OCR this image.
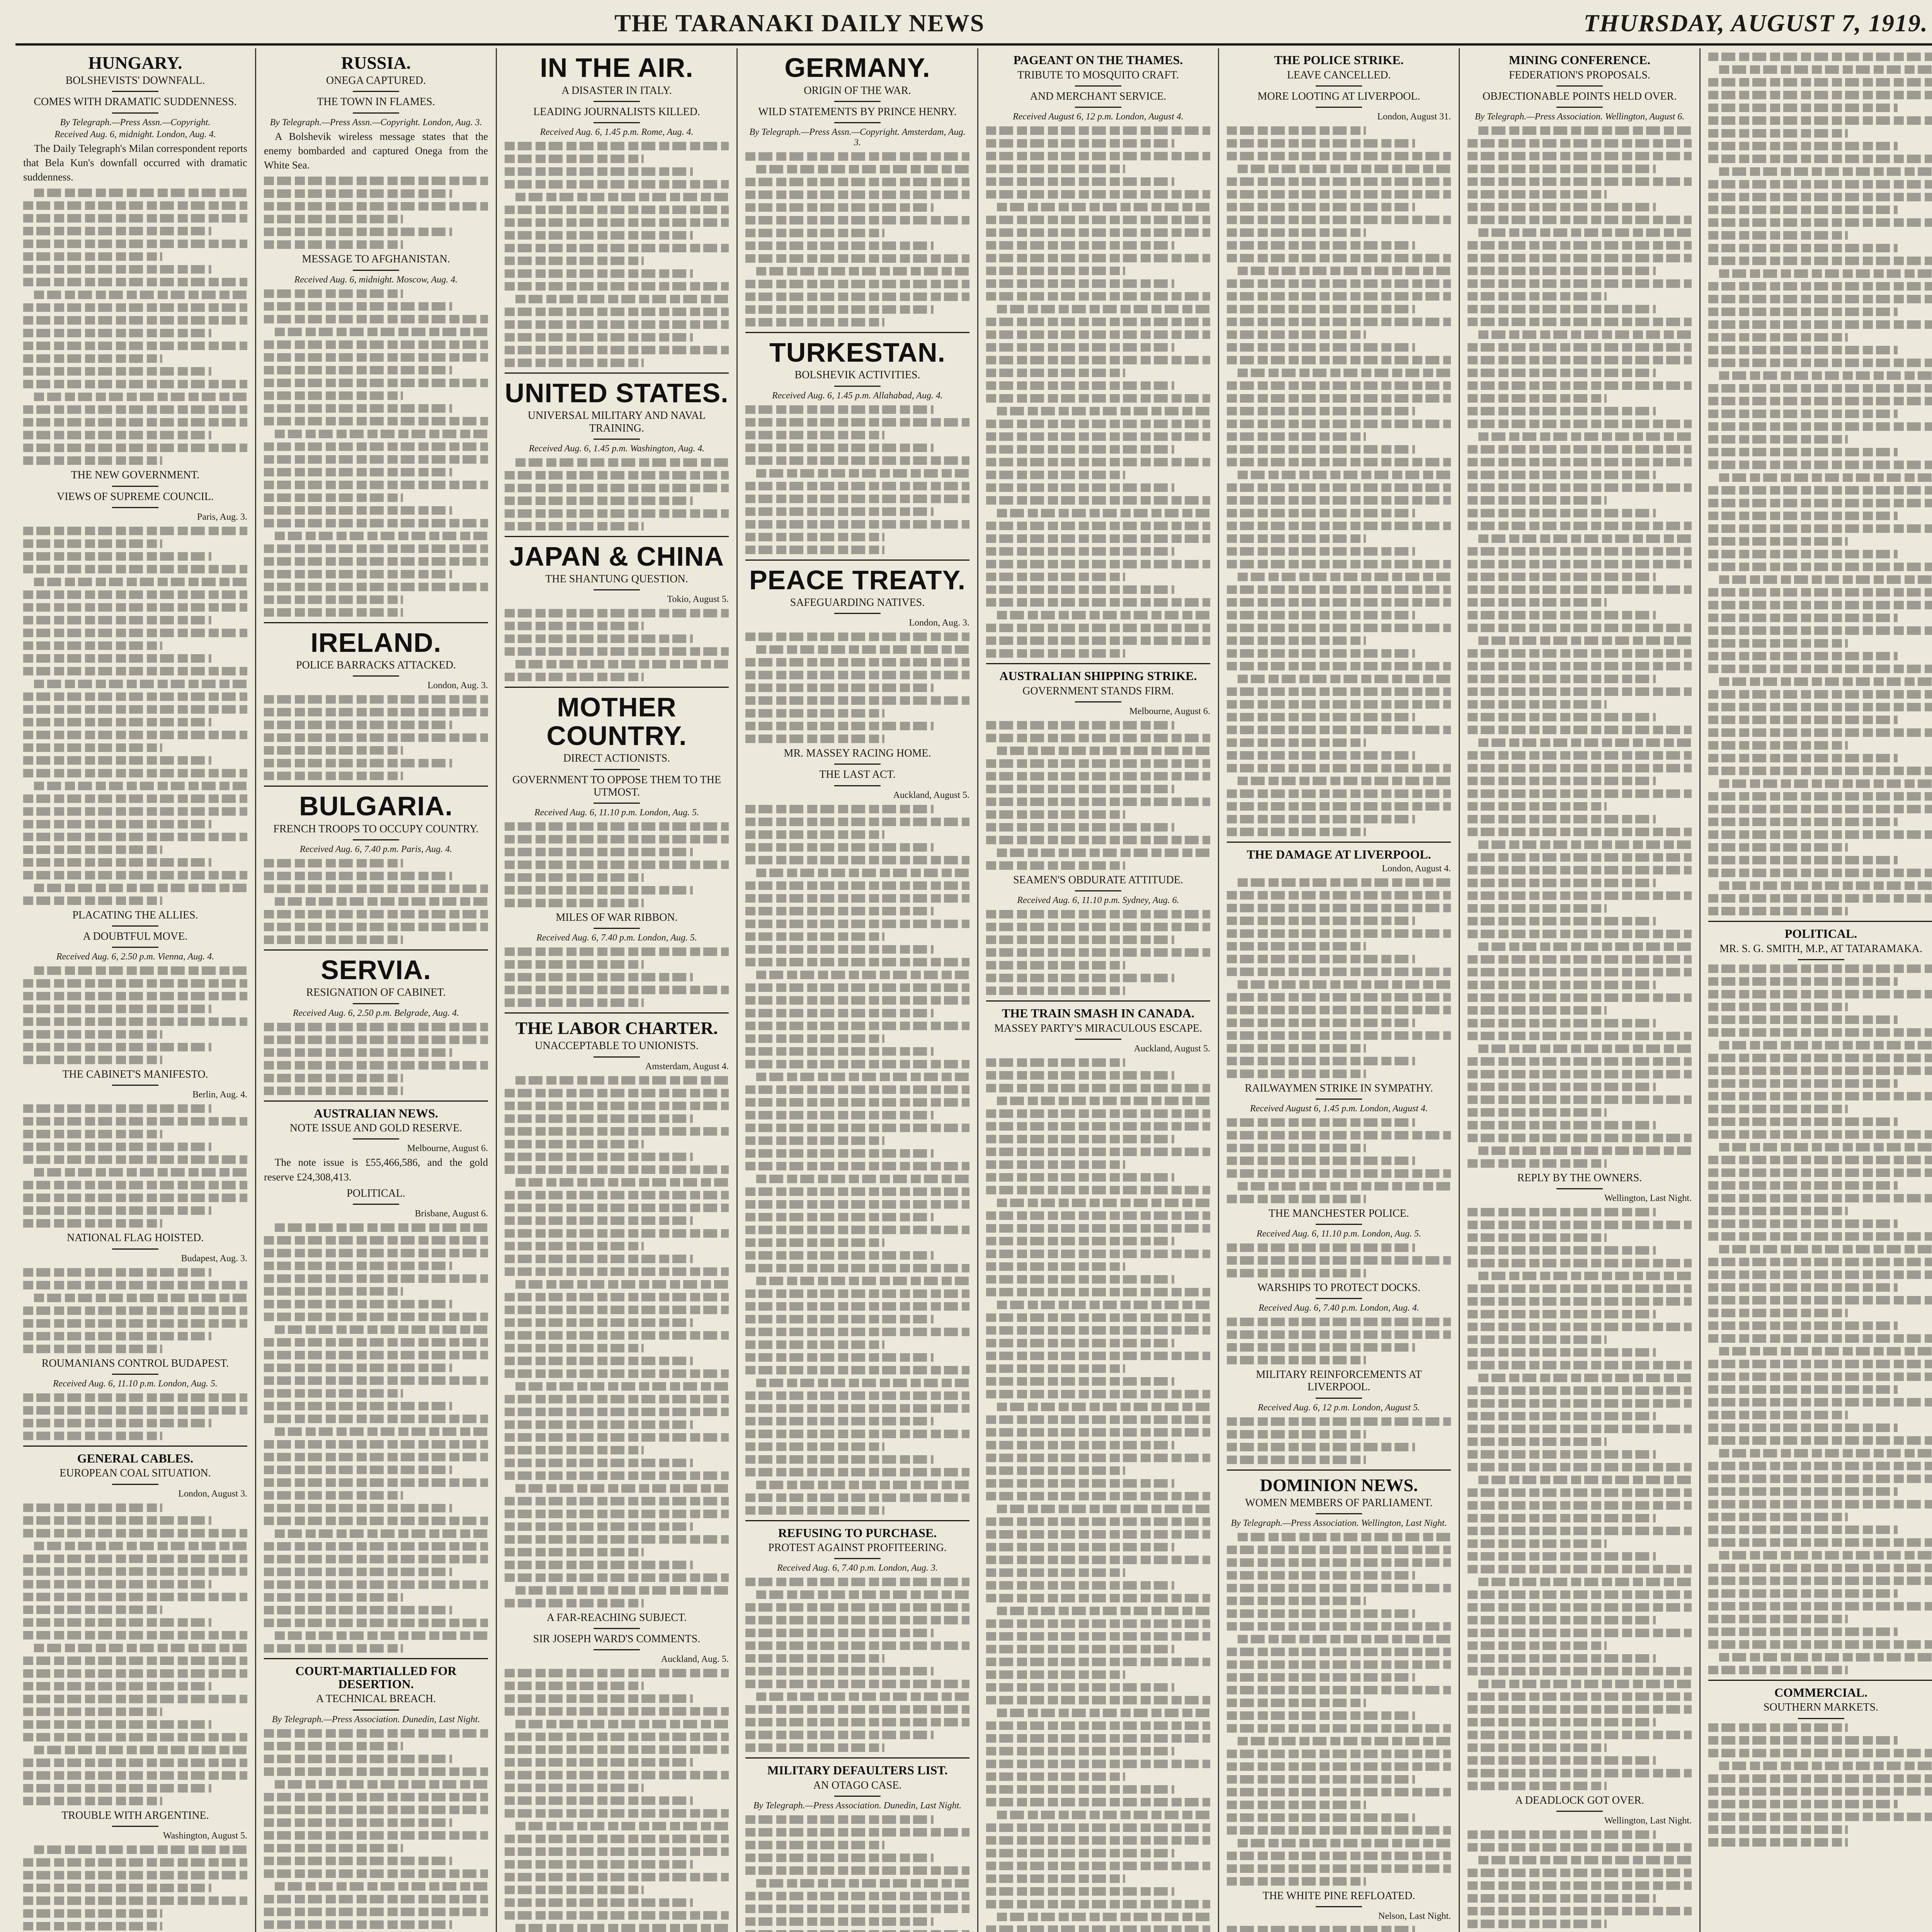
THE TARANAKI DAILY NEWS	THURSDAY, AUGUST 7, 1919.
HUNGARY.
BOLSHEVISTS' DOWNFALL.
COMES WITH DRAMATIC SUDDENNESS.
By Telegraph.—Press Assn.—Copyright.
Received Aug. 6, midnight. London, Aug. 4.
The Daily Telegraph's Milan correspondent reports that Bela Kun's downfall occurred with dramatic suddenness.
THE NEW GOVERNMENT.
VIEWS OF SUPREME COUNCIL.
Paris, Aug. 3.
PLACATING THE ALLIES.
A DOUBTFUL MOVE.
Received Aug. 6, 2.50 p.m. Vienna, Aug. 4.
THE CABINET'S MANIFESTO.
Berlin, Aug. 4.
NATIONAL FLAG HOISTED.
Budapest, Aug. 3.
ROUMANIANS CONTROL BUDAPEST.
Received Aug. 6, 11.10 p.m. London, Aug. 5.
GENERAL CABLES.
EUROPEAN COAL SITUATION.
London, August 3.
TROUBLE WITH ARGENTINE.
Washington, August 5.
RUSSIA.
ONEGA CAPTURED.
THE TOWN IN FLAMES.
By Telegraph.—Press Assn.—Copyright. London, Aug. 3.
A Bolshevik wireless message states that the enemy bombarded and captured Onega from the White Sea.
MESSAGE TO AFGHANISTAN.
Received Aug. 6, midnight. Moscow, Aug. 4.
IRELAND.
POLICE BARRACKS ATTACKED.
London, Aug. 3.
BULGARIA.
FRENCH TROOPS TO OCCUPY COUNTRY.
Received Aug. 6, 7.40 p.m. Paris, Aug. 4.
SERVIA.
RESIGNATION OF CABINET.
Received Aug. 6, 2.50 p.m. Belgrade, Aug. 4.
AUSTRALIAN NEWS.
NOTE ISSUE AND GOLD RESERVE.
Melbourne, August 6.
The note issue is £55,466,586, and the gold reserve £24,308,413.
POLITICAL.
Brisbane, August 6.
COURT-MARTIALLED FOR DESERTION.
A TECHNICAL BREACH.
By Telegraph.—Press Association. Dunedin, Last Night.
IN THE AIR.
A DISASTER IN ITALY.
LEADING JOURNALISTS KILLED.
Received Aug. 6, 1.45 p.m. Rome, Aug. 4.
UNITED STATES.
UNIVERSAL MILITARY AND NAVAL TRAINING.
Received Aug. 6, 1.45 p.m. Washington, Aug. 4.
JAPAN & CHINA
THE SHANTUNG QUESTION.
Tokio, August 5.
MOTHER COUNTRY.
DIRECT ACTIONISTS.
GOVERNMENT TO OPPOSE THEM TO THE UTMOST.
Received Aug. 6, 11.10 p.m. London, Aug. 5.
MILES OF WAR RIBBON.
Received Aug. 6, 7.40 p.m. London, Aug. 5.
THE LABOR CHARTER.
UNACCEPTABLE TO UNIONISTS.
Amsterdam, August 4.
A FAR-REACHING SUBJECT.
SIR JOSEPH WARD'S COMMENTS.
Auckland, Aug. 5.
GERMANY.
ORIGIN OF THE WAR.
WILD STATEMENTS BY PRINCE HENRY.
By Telegraph.—Press Assn.—Copyright. Amsterdam, Aug. 3.
TURKESTAN.
BOLSHEVIK ACTIVITIES.
Received Aug. 6, 1.45 p.m. Allahabad, Aug. 4.
PEACE TREATY.
SAFEGUARDING NATIVES.
London, Aug. 3.
MR. MASSEY RACING HOME.
THE LAST ACT.
Auckland, August 5.
REFUSING TO PURCHASE.
PROTEST AGAINST PROFITEERING.
Received Aug. 6, 7.40 p.m. London, Aug. 3.
MILITARY DEFAULTERS LIST.
AN OTAGO CASE.
By Telegraph.—Press Association. Dunedin, Last Night.
PAGEANT ON THE THAMES.
TRIBUTE TO MOSQUITO CRAFT.
AND MERCHANT SERVICE.
Received August 6, 12 p.m. London, August 4.
AUSTRALIAN SHIPPING STRIKE.
GOVERNMENT STANDS FIRM.
Melbourne, August 6.
SEAMEN'S OBDURATE ATTITUDE.
Received Aug. 6, 11.10 p.m. Sydney, Aug. 6.
THE TRAIN SMASH IN CANADA.
MASSEY PARTY'S MIRACULOUS ESCAPE.
Auckland, August 5.
THE POLICE STRIKE.
LEAVE CANCELLED.
MORE LOOTING AT LIVERPOOL.
London, August 31.
THE DAMAGE AT LIVERPOOL.
London, August 4.
RAILWAYMEN STRIKE IN SYMPATHY.
Received August 6, 1.45 p.m. London, August 4.
THE MANCHESTER POLICE.
Received Aug. 6, 11.10 p.m. London, Aug. 5.
WARSHIPS TO PROTECT DOCKS.
Received Aug. 6, 7.40 p.m. London, Aug. 4.
MILITARY REINFORCEMENTS AT LIVERPOOL.
Received Aug. 6, 12 p.m. London, August 5.
DOMINION NEWS.
WOMEN MEMBERS OF PARLIAMENT.
By Telegraph.—Press Association. Wellington, Last Night.
THE WHITE PINE REFLOATED.
Nelson, Last Night.
MINING CONFERENCE.
FEDERATION'S PROPOSALS.
OBJECTIONABLE POINTS HELD OVER.
By Telegraph.—Press Association. Wellington, August 6.
REPLY BY THE OWNERS.
Wellington, Last Night.
A DEADLOCK GOT OVER.
Wellington, Last Night.
POLITICAL.
MR. S. G. SMITH, M.P., AT TATARAMAKA.
COMMERCIAL.
SOUTHERN MARKETS.
